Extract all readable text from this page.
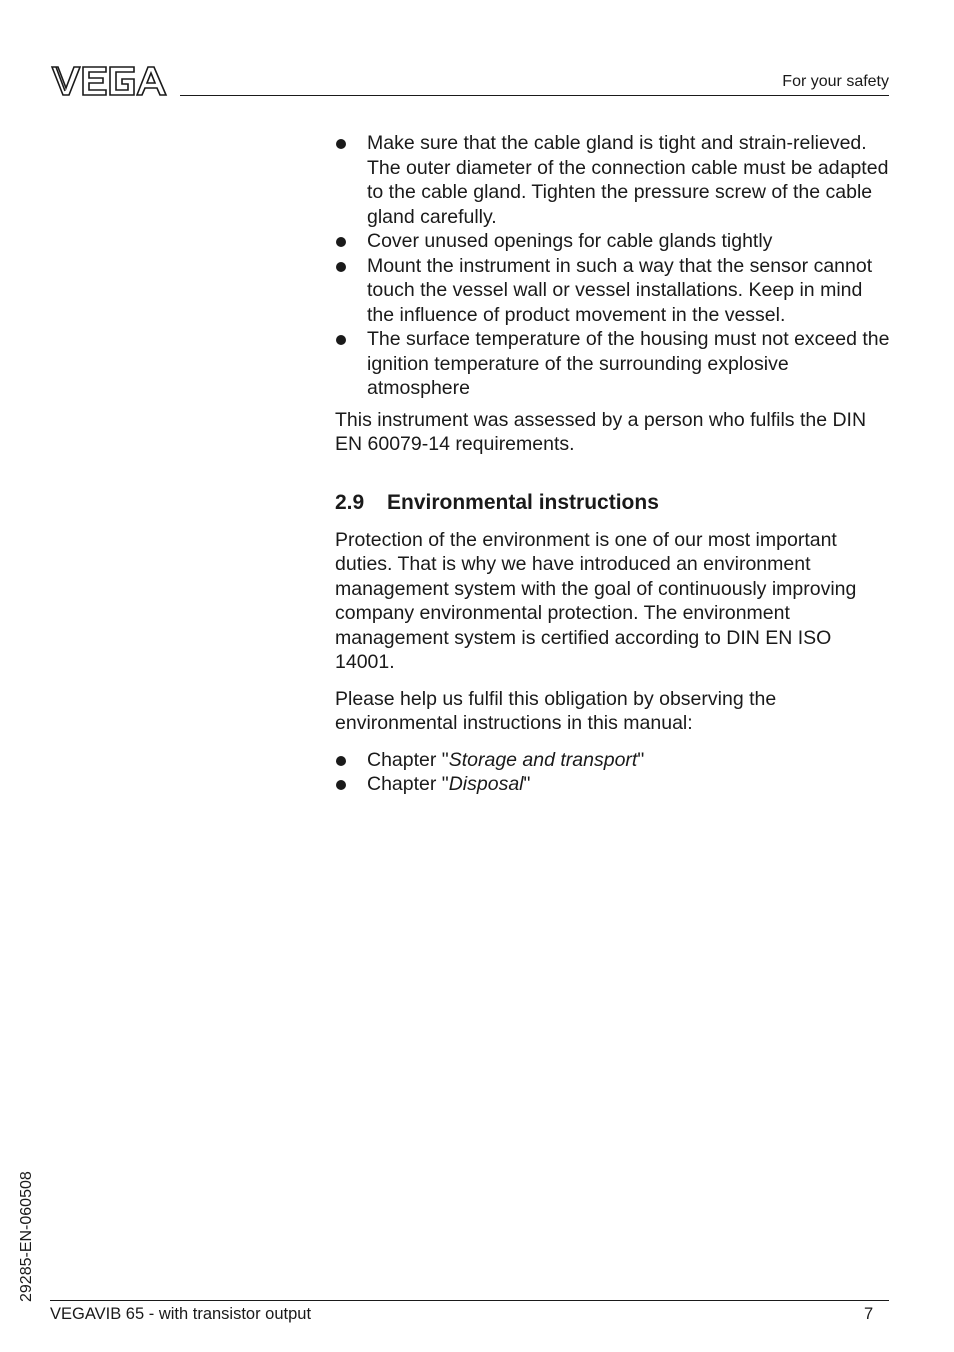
For your safety
Make sure that the cable gland is tight and strain-relieved. The outer diameter of the connection cable must be adapted to the cable gland. Tighten the pressure screw of the cable gland carefully.
Cover unused openings for cable glands tightly
Mount the instrument in such a way that the sensor cannot touch the vessel wall or vessel installations. Keep in mind the influence of product movement in the vessel.
The surface temperature of the housing must not exceed the ignition temperature of the surrounding explosive atmosphere

This instrument was assessed by a person who fulfils the DIN EN 60079-14 requirements.

2.9 Environmental instructions

Protection of the environment is one of our most important duties. That is why we have introduced an environment management system with the goal of continuously improving company environmental protection. The environment management system is certified according to DIN EN ISO 14001.

Please help us fulfil this obligation by observing the environmental instructions in this manual:

Chapter "Storage and transport"
Chapter "Disposal"
29285-EN-060508
VEGAVIB 65 - with transistor output	7
